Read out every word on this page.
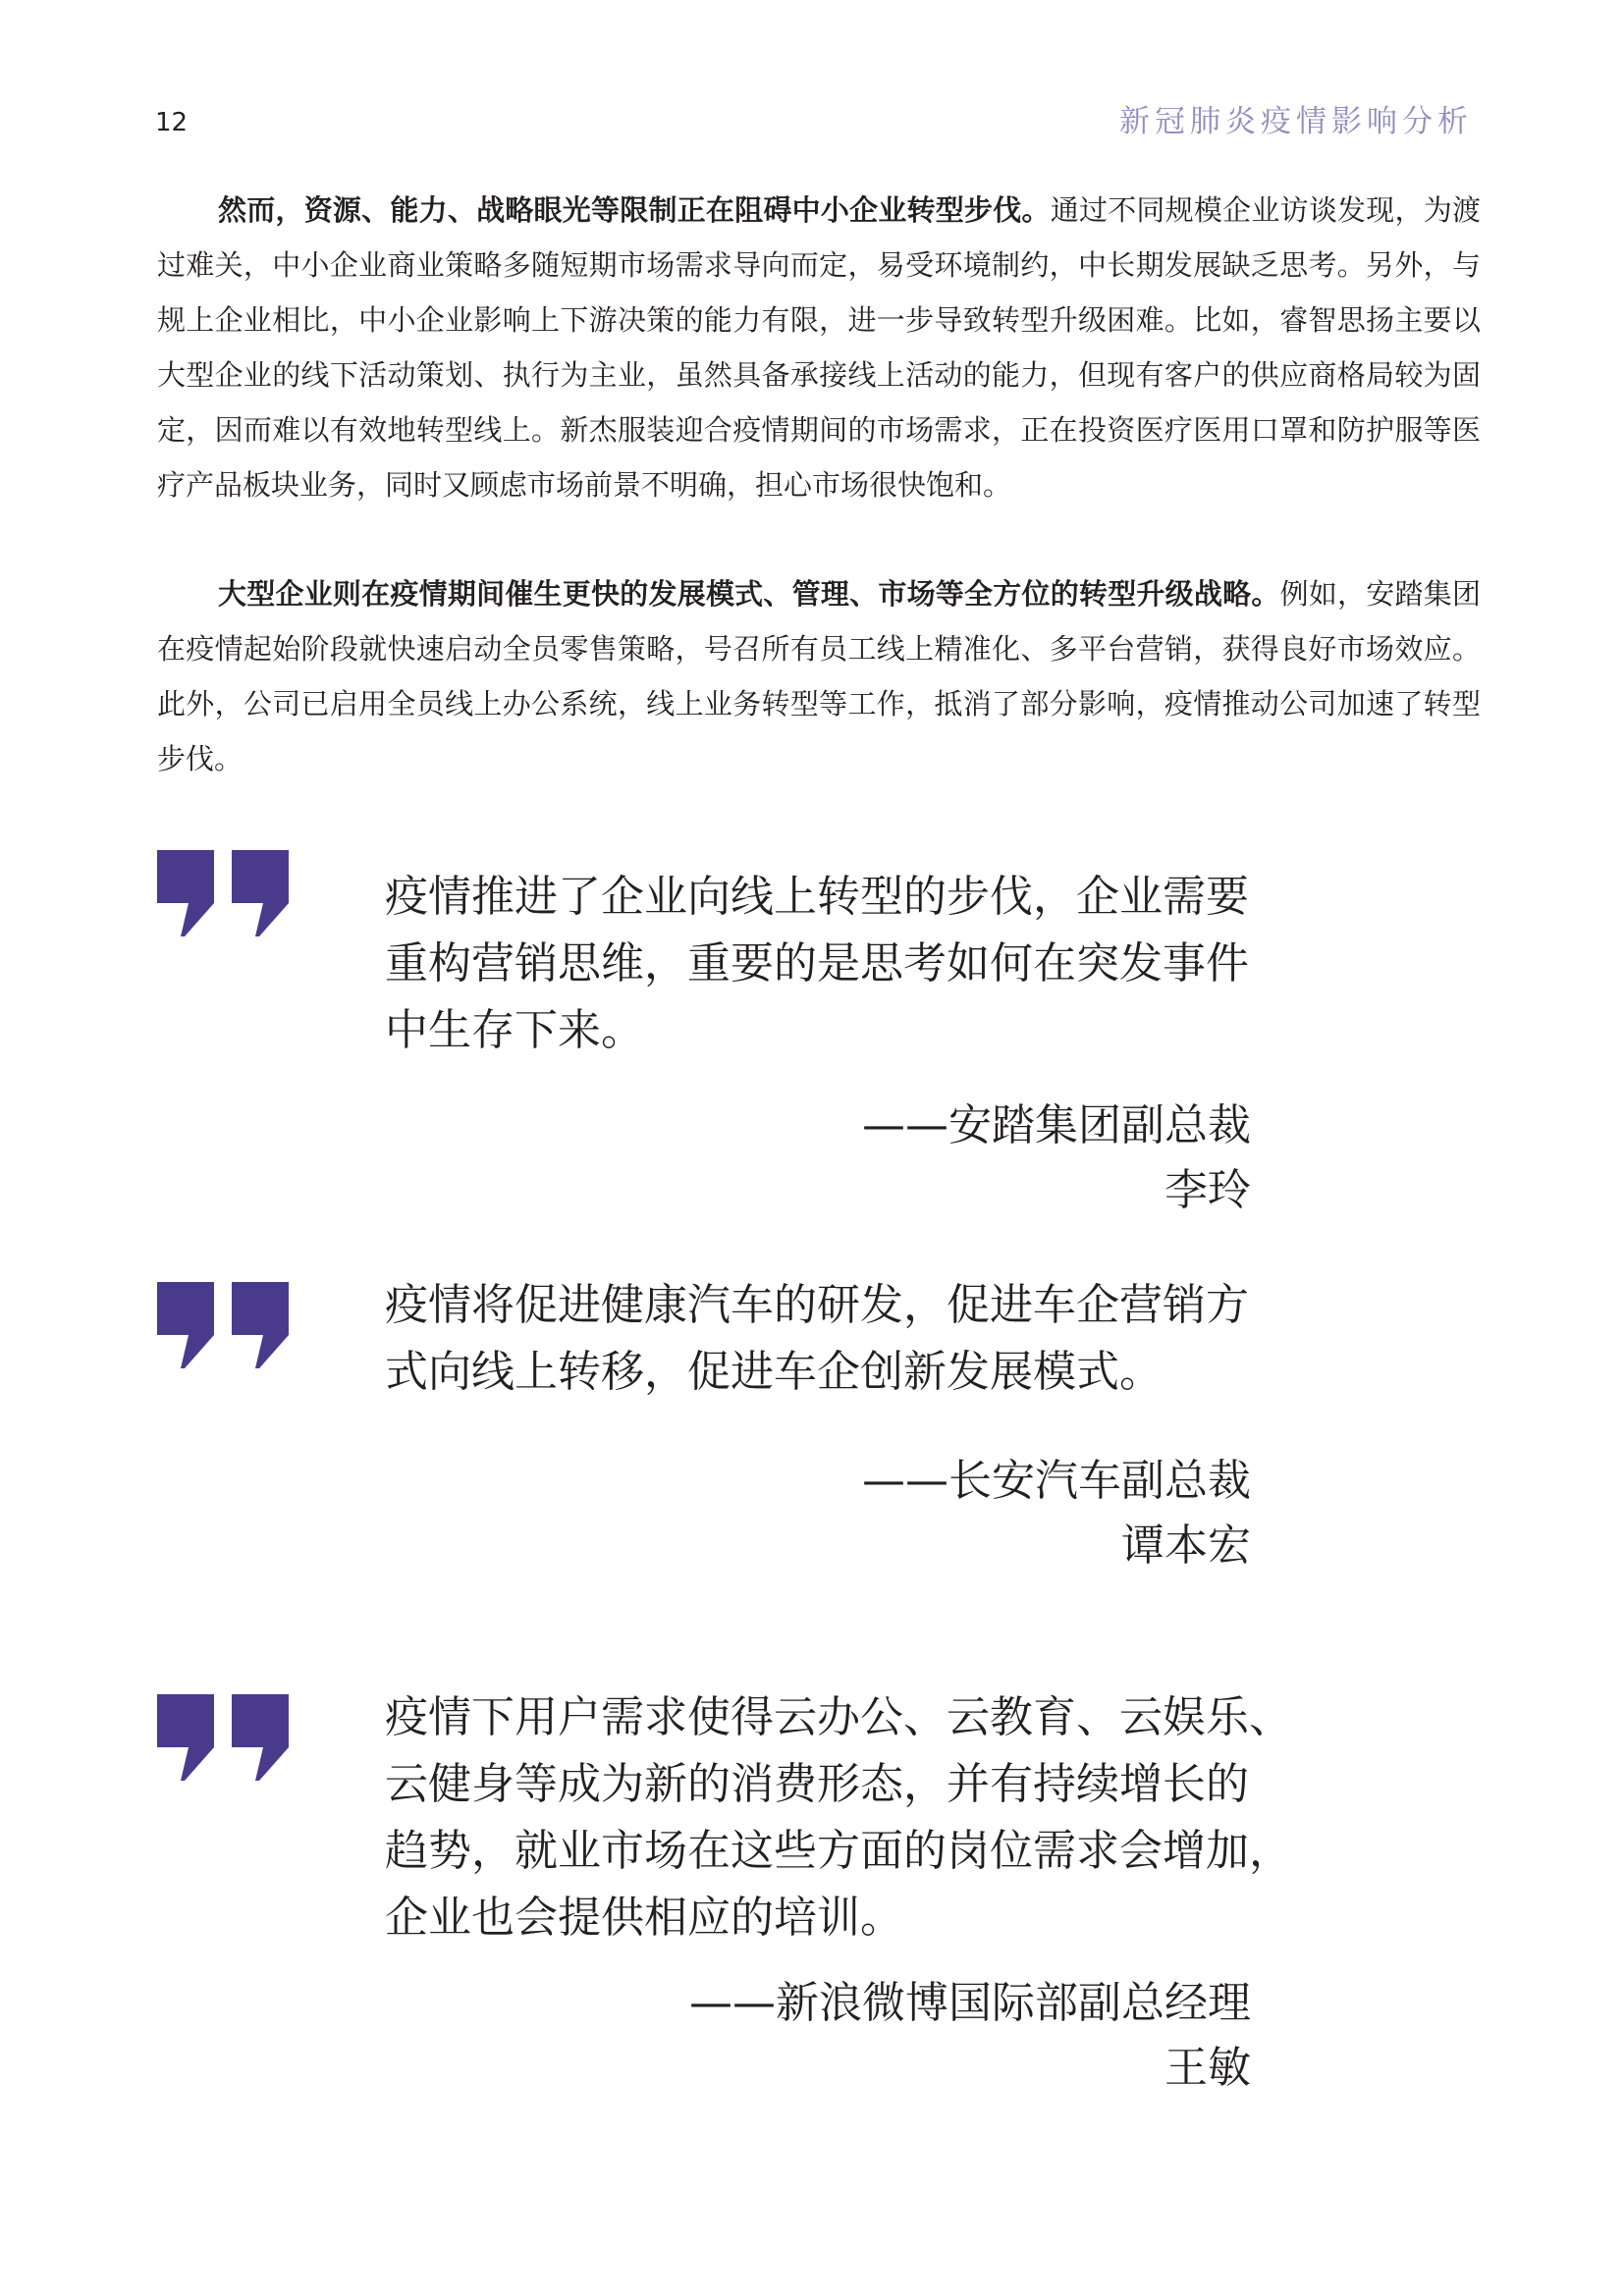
12	新冠肺炎疫情影响分析

然而，资源、能力、战略眼光等限制正在阻碍中小企业转型步伐。通过不同规模企业访谈发现，为渡过难关，中小企业商业策略多随短期市场需求导向而定，易受环境制约，中长期发展缺乏思考。另外，与规上企业相比，中小企业影响上下游决策的能力有限，进一步导致转型升级困难。比如，睿智思扬主要以大型企业的线下活动策划、执行为主业，虽然具备承接线上活动的能力，但现有客户的供应商格局较为固定，因而难以有效地转型线上。新杰服装迎合疫情期间的市场需求，正在投资医疗医用口罩和防护服等医疗产品板块业务，同时又顾虑市场前景不明确，担心市场很快饱和。

大型企业则在疫情期间催生更快的发展模式、管理、市场等全方位的转型升级战略。例如，安踏集团在疫情起始阶段就快速启动全员零售策略，号召所有员工线上精准化、多平台营销，获得良好市场效应。此外，公司已启用全员线上办公系统，线上业务转型等工作，抵消了部分影响，疫情推动公司加速了转型步伐。

疫情推进了企业向线上转型的步伐，企业需要
重构营销思维，重要的是思考如何在突发事件
中生存下来。
——安踏集团副总裁
李玲
疫情将促进健康汽车的研发，促进车企营销方
式向线上转移，促进车企创新发展模式。
——长安汽车副总裁
谭本宏
疫情下用户需求使得云办公、云教育、云娱乐、
云健身等成为新的消费形态，并有持续增长的
趋势，就业市场在这些方面的岗位需求会增加，
企业也会提供相应的培训。
——新浪微博国际部副总经理
王敏
